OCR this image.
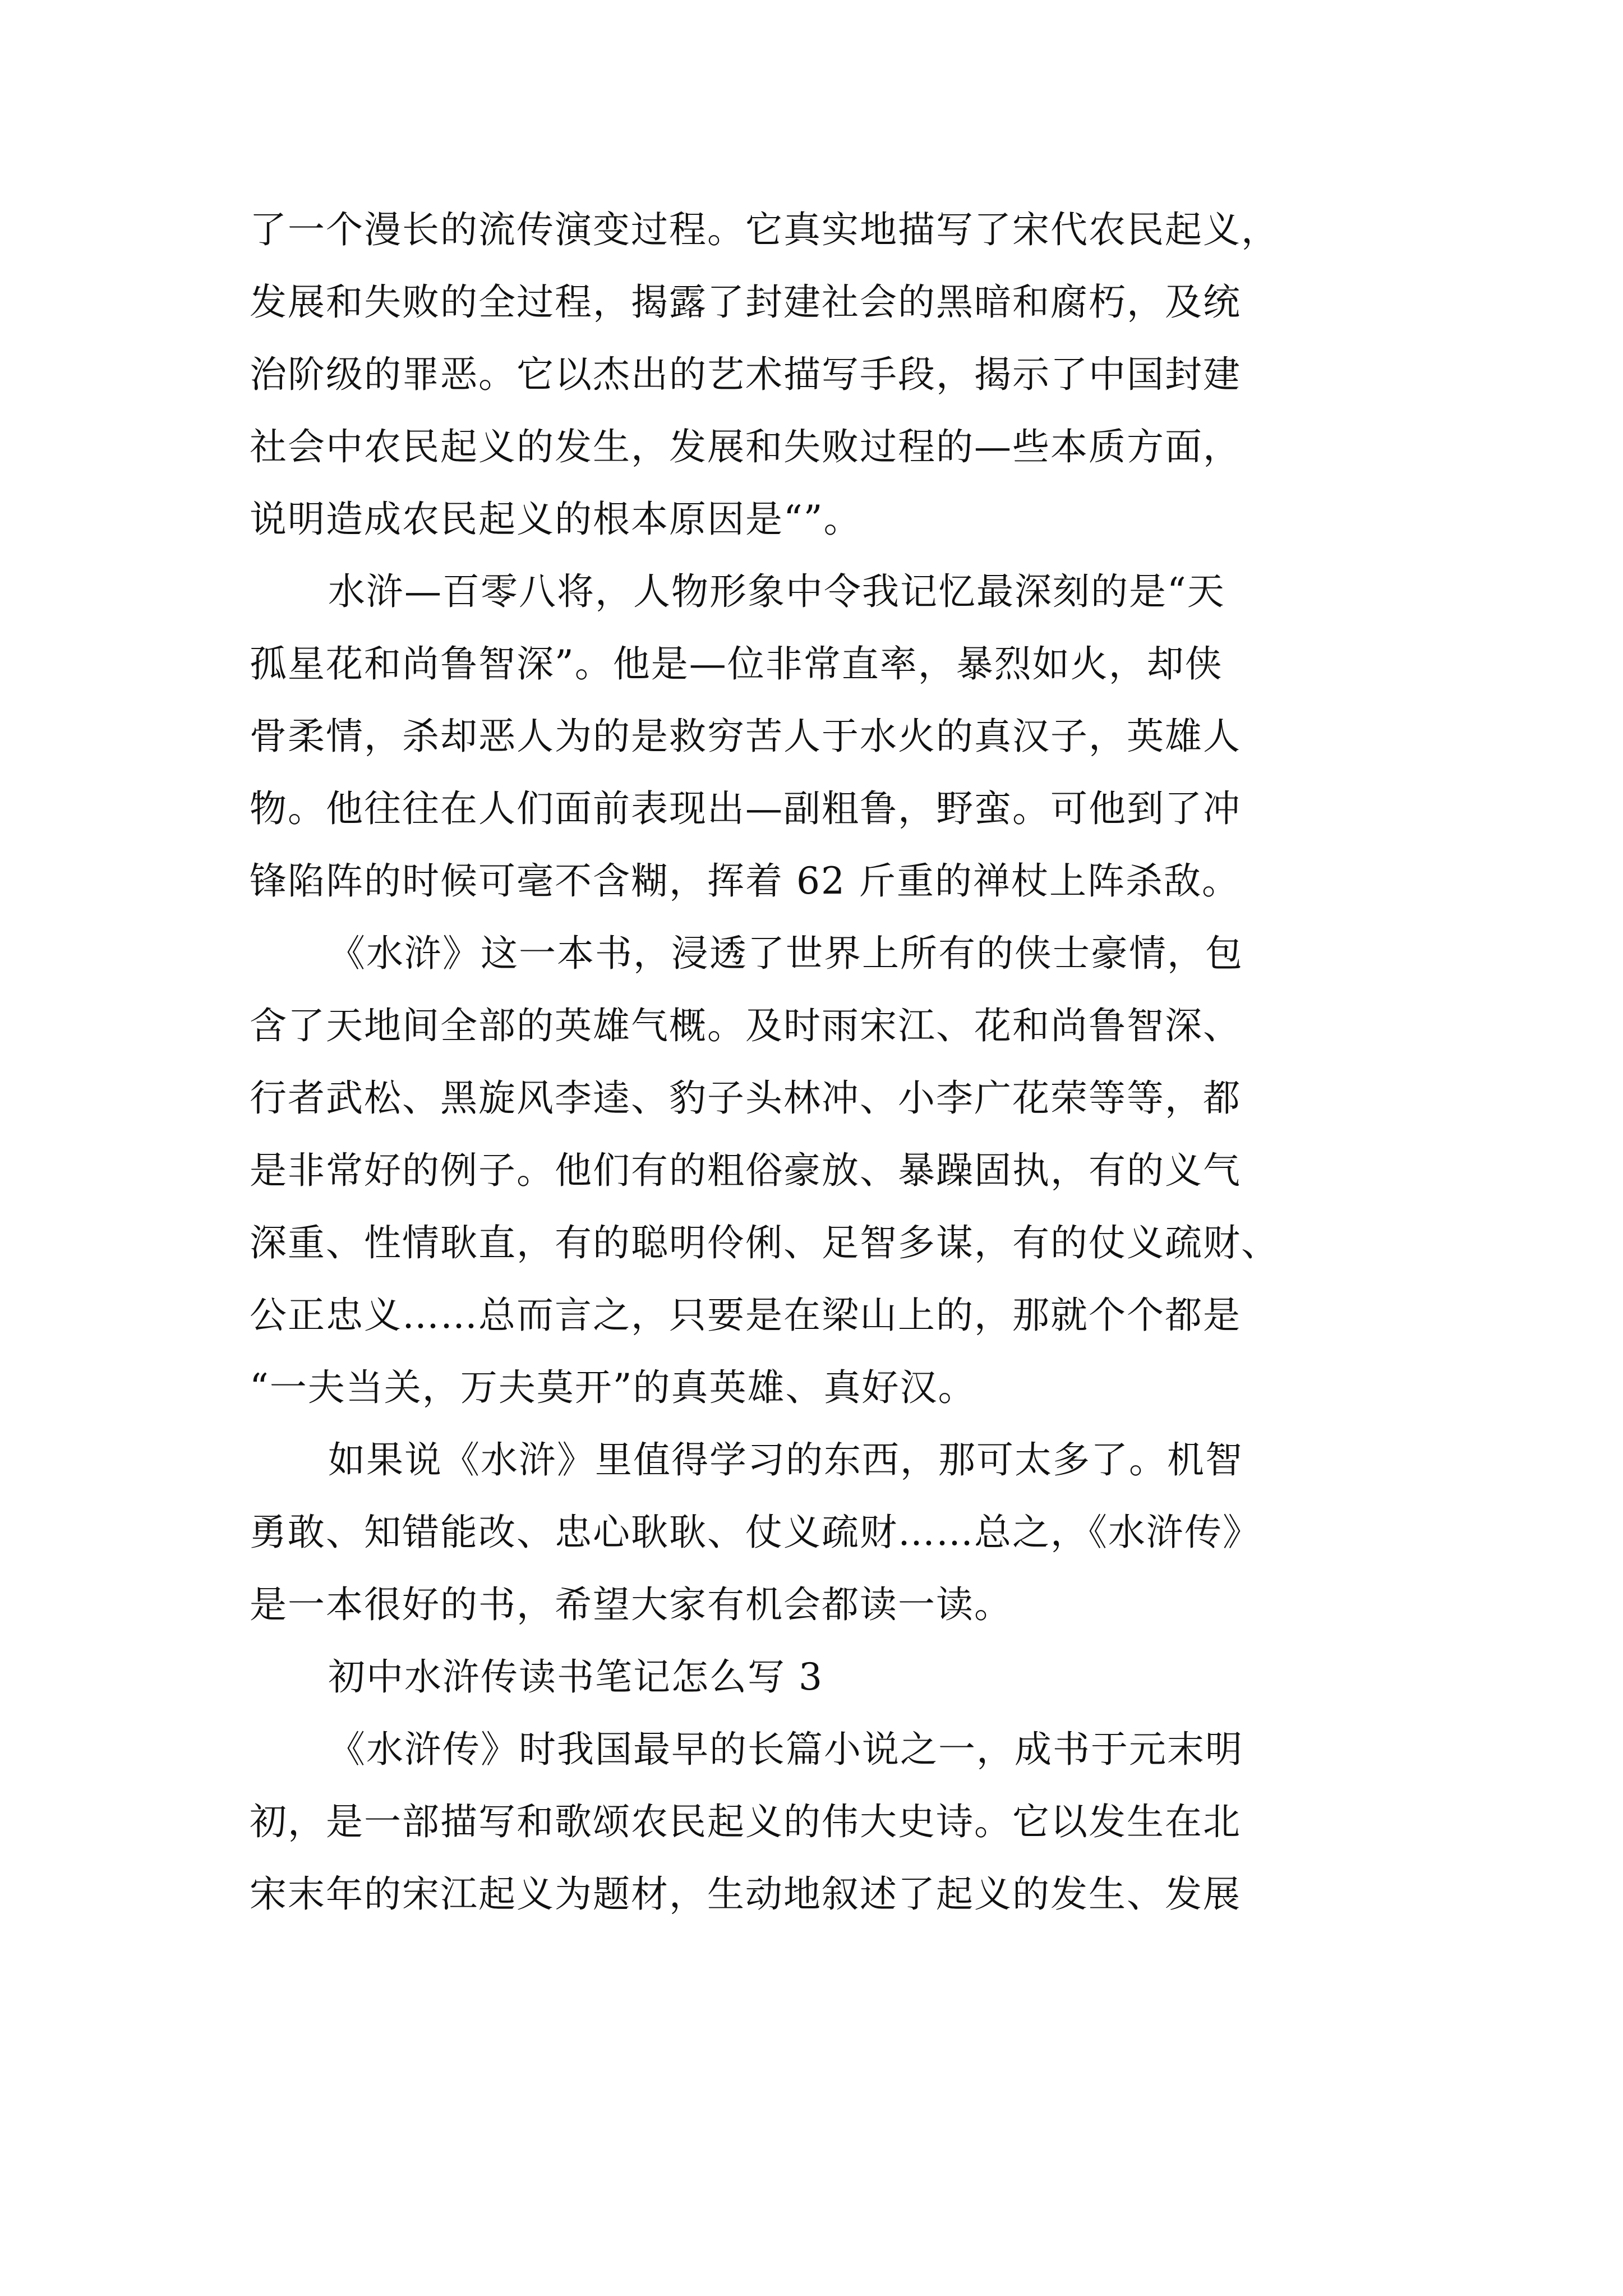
了一个漫长的流传演变过程。它真实地描写了宋代农民起义，
发展和失败的全过程，揭露了封建社会的黑暗和腐朽，及统
治阶级的罪恶。它以杰出的艺术描写手段，揭示了中国封建
社会中农民起义的发生，发展和失败过程的—些本质方面，
说明造成农民起义的根本原因是“”。
水浒—百零八将，人物形象中令我记忆最深刻的是“天
孤星花和尚鲁智深”。他是—位非常直率，暴烈如火，却侠
骨柔情，杀却恶人为的是救穷苦人于水火的真汉子，英雄人
物。他往往在人们面前表现出—副粗鲁，野蛮。可他到了冲
锋陷阵的时候可毫不含糊，挥着 62 斤重的禅杖上阵杀敌。
《水浒》这一本书，浸透了世界上所有的侠士豪情，包
含了天地间全部的英雄气概。及时雨宋江、花和尚鲁智深、
行者武松、黑旋风李逵、豹子头林冲、小李广花荣等等，都
是非常好的例子。他们有的粗俗豪放、暴躁固执，有的义气
深重、性情耿直，有的聪明伶俐、足智多谋，有的仗义疏财、
公正忠义……总而言之，只要是在梁山上的，那就个个都是
“一夫当关，万夫莫开”的真英雄、真好汉。
如果说《水浒》里值得学习的东西，那可太多了。机智
勇敢、知错能改、忠心耿耿、仗义疏财……总之，《水浒传》
是一本很好的书，希望大家有机会都读一读。
初中水浒传读书笔记怎么写 3
《水浒传》时我国最早的长篇小说之一，成书于元末明
初，是一部描写和歌颂农民起义的伟大史诗。它以发生在北
宋末年的宋江起义为题材，生动地叙述了起义的发生、发展
